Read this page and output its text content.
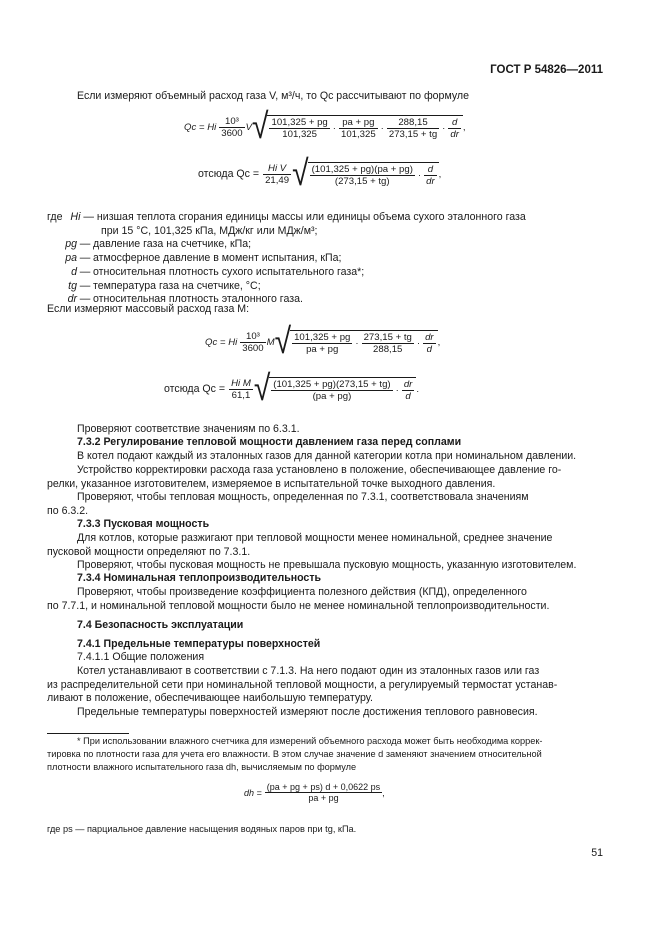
ГОСТ Р 54826—2011
Если измеряют объемный расход газа V, м³/ч, то Qc рассчитывают по формуле
Qc = Hi $\frac{\text{10³}}{3600}$ V √ $\frac{101,325 + pg}{101,325} \cdot \frac{pa + pg}{101,325} \cdot \frac{288,15}{273,15 + tg} \cdot \frac{d}{dr}$ ,
отсюда $Qc = \frac{\text{Hi V}}{21,49}$ √ $\frac{(101,325 + pg)(pa + pg)}{(273,15 + tg)} \cdot \frac{d}{dr}$ ,
где Hi — низшая теплота сгорания единицы массы или единицы объема сухого эталонного газа
при 15 °С, 101,325 кПа, МДж/кг или МДж/м³;
pg — давление газа на счетчике, кПа;
pa — атмосферное давление в момент испытания, кПа;
d — относительная плотность сухого испытательного газа*;
tg — температура газа на счетчике, °С;
dr — относительная плотность эталонного газа.
Если измеряют массовый расход газа M:
Qc = Hi $\frac{\text{10³}}{3600}$ M √ $\frac{101,325 + pg}{pa + pg} \cdot \frac{273,15 + tg}{288,15} \cdot \frac{dr}{d}$ ,
отсюда $Qc = \frac{\text{Hi M}}{61,1}$ √ $\frac{(101,325 + pg)(273,15 + tg)}{(pa + pg)} \cdot \frac{dr}{d}$ .
Проверяют соответствие значениям по 6.3.1.
7.3.2 Регулирование тепловой мощности давлением газа перед соплами
В котел подают каждый из эталонных газов для данной категории котла при номинальном давлении.
Устройство корректировки расхода газа установлено в положение, обеспечивающее давление го-
релки, указанное изготовителем, измеряемое в испытательной точке выходного давления.
Проверяют, чтобы тепловая мощность, определенная по 7.3.1, соответствовала значениям
по 6.3.2.
7.3.3 Пусковая мощность
Для котлов, которые разжигают при тепловой мощности менее номинальной, среднее значение
пусковой мощности определяют по 7.3.1.
Проверяют, чтобы пусковая мощность не превышала пусковую мощность, указанную изготовителем.
7.3.4 Номинальная теплопроизводительность
Проверяют, чтобы произведение коэффициента полезного действия (КПД), определенного
по 7.7.1, и номинальной тепловой мощности было не менее номинальной теплопроизводительности.
7.4 Безопасность эксплуатации
7.4.1 Предельные температуры поверхностей
7.4.1.1 Общие положения
Котел устанавливают в соответствии с 7.1.3. На него подают один из эталонных газов или газ
из распределительной сети при номинальной тепловой мощности, а регулируемый термостат устанав-
ливают в положение, обеспечивающее наибольшую температуру.
Предельные температуры поверхностей измеряют после достижения теплового равновесия.
* При использовании влажного счетчика для измерений объемного расхода может быть необходима коррек-
тировка по плотности газа для учета его влажности. В этом случае значение d заменяют значением относительной
плотности влажного испытательного газа dh, вычисляемым по формуле
dh = $\frac{(pa + pg + ps) d + 0,0622 ps}{pa + pg}$ ,
где ps — парциальное давление насыщения водяных паров при tg, кПа.
51
